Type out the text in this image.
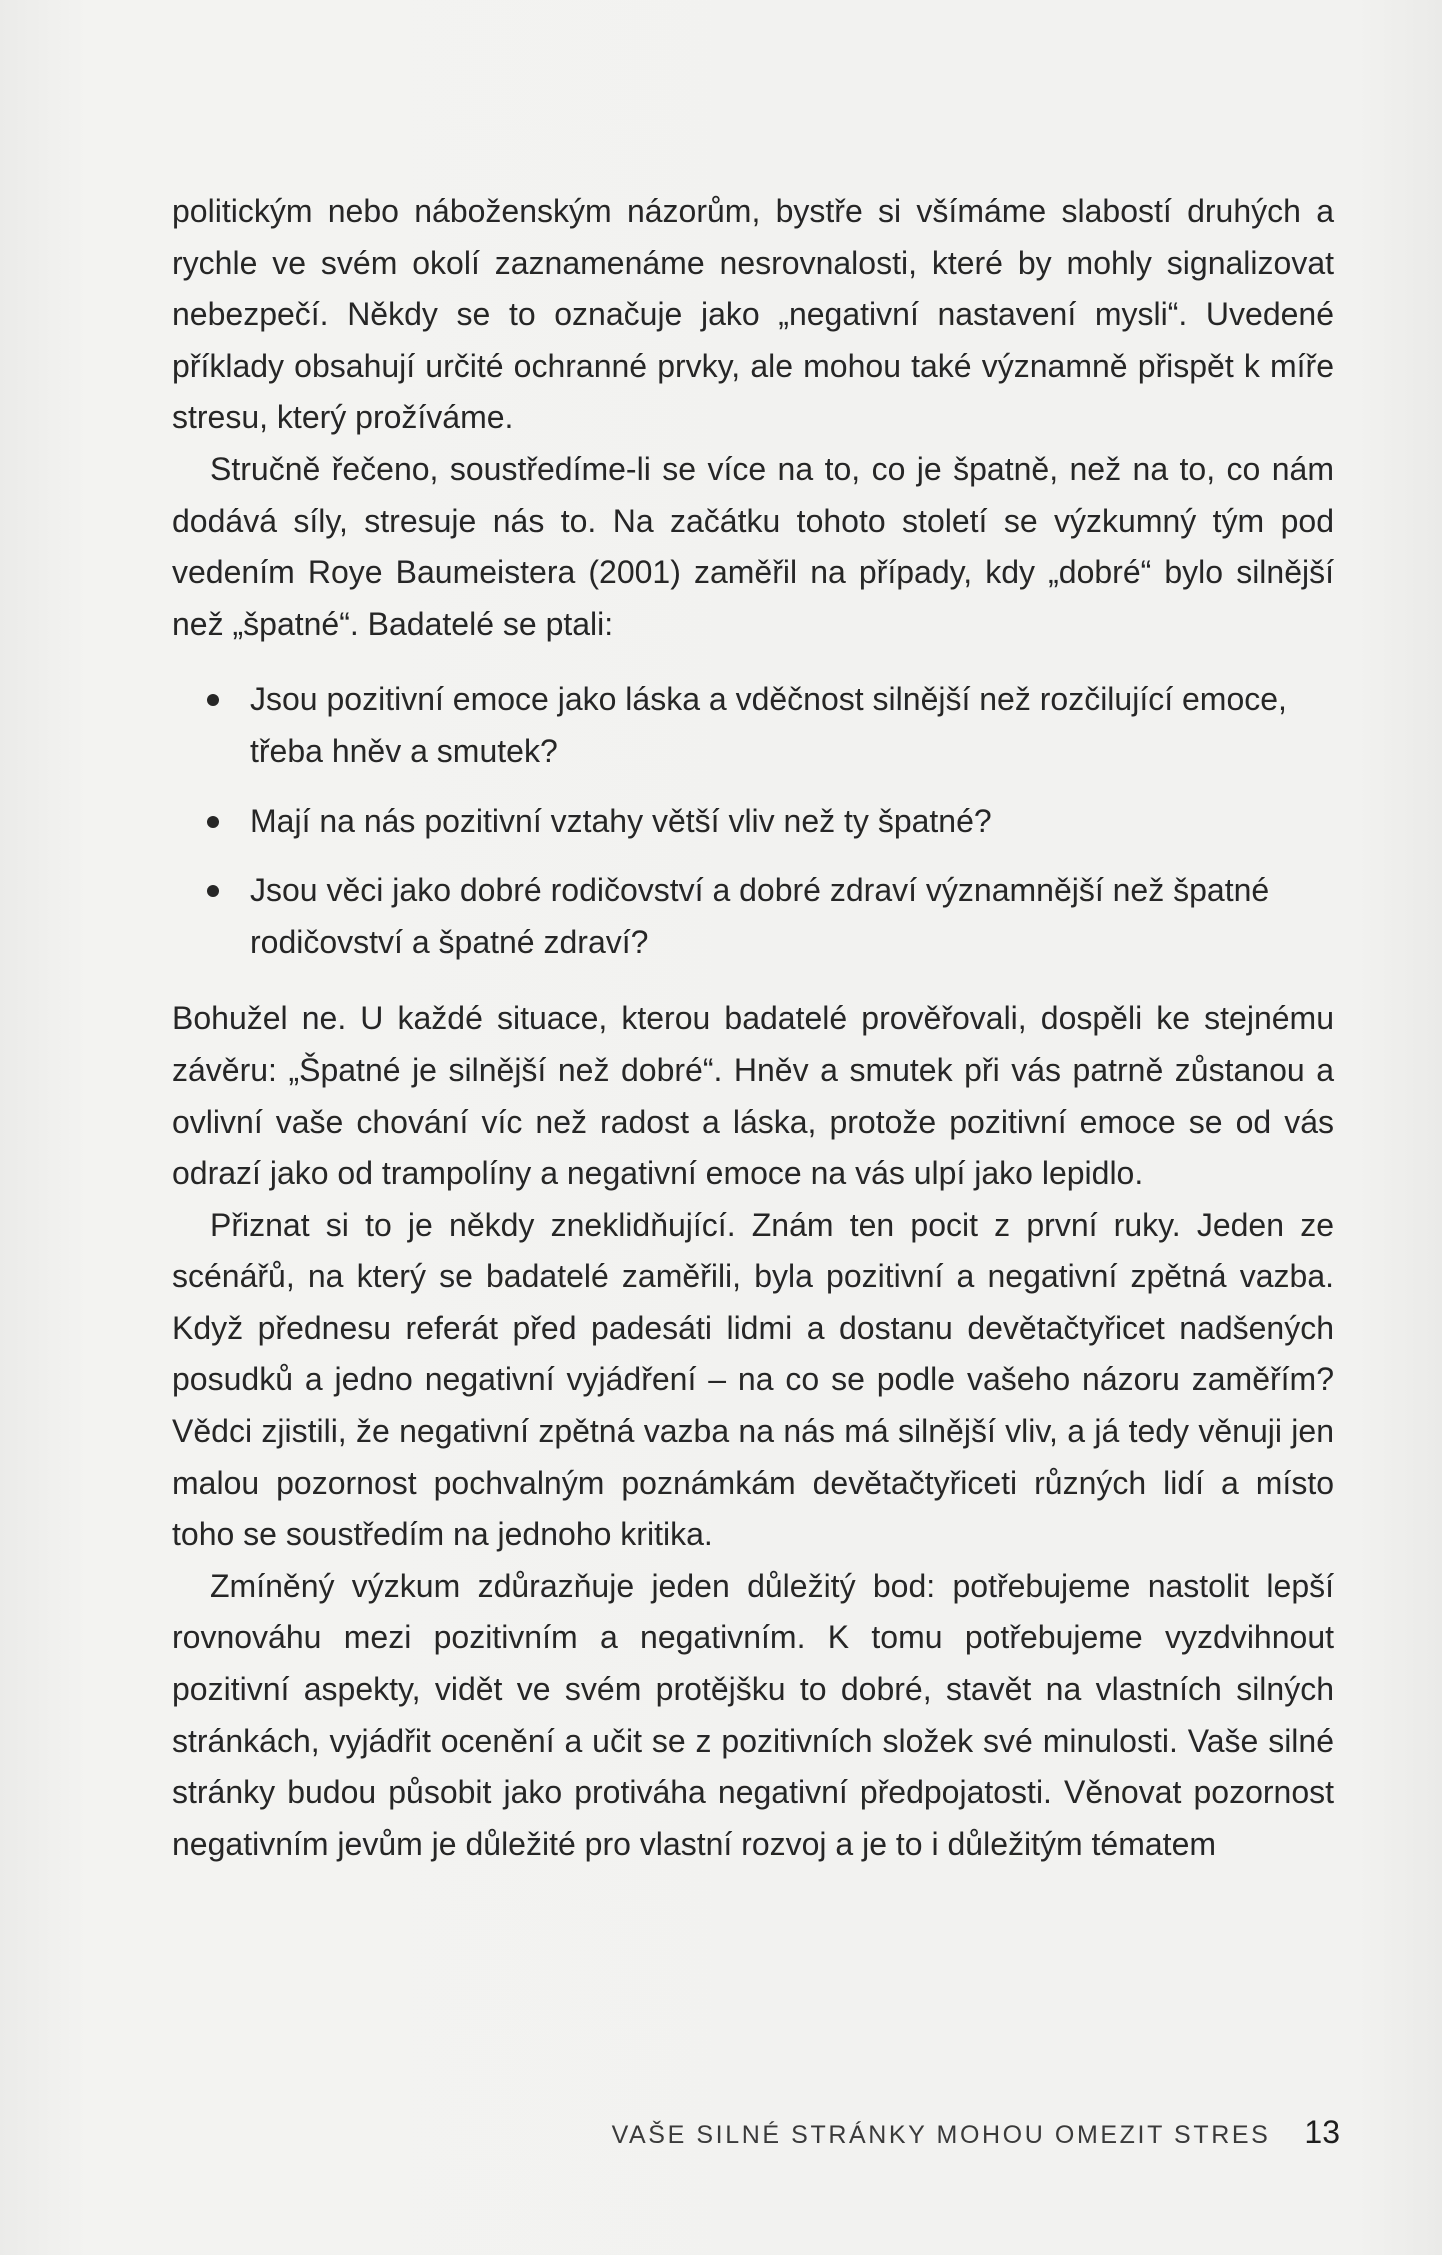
politickým nebo náboženským názorům, bystře si všímáme slabostí druhých a rychle ve svém okolí zaznamenáme nesrovnalosti, které by mohly signalizovat nebezpečí. Někdy se to označuje jako „negativní nastavení mysli“. Uvedené příklady obsahují určité ochranné prvky, ale mohou také významně přispět k míře stresu, který prožíváme.

Stručně řečeno, soustředíme-li se více na to, co je špatně, než na to, co nám dodává síly, stresuje nás to. Na začátku tohoto století se výzkumný tým pod vedením Roye Baumeistera (2001) zaměřil na případy, kdy „dobré“ bylo silnější než „špatné“. Badatelé se ptali:

Jsou pozitivní emoce jako láska a vděčnost silnější než rozčilující emoce, třeba hněv a smutek?
Mají na nás pozitivní vztahy větší vliv než ty špatné?
Jsou věci jako dobré rodičovství a dobré zdraví významnější než špatné rodičovství a špatné zdraví?

Bohužel ne. U každé situace, kterou badatelé prověřovali, dospěli ke stejnému závěru: „Špatné je silnější než dobré“. Hněv a smutek při vás patrně zůstanou a ovlivní vaše chování víc než radost a láska, protože pozitivní emoce se od vás odrazí jako od trampolíny a negativní emoce na vás ulpí jako lepidlo.

Přiznat si to je někdy zneklidňující. Znám ten pocit z první ruky. Jeden ze scénářů, na který se badatelé zaměřili, byla pozitivní a negativní zpětná vazba. Když přednesu referát před padesáti lidmi a dostanu devětačtyřicet nadšených posudků a jedno negativní vyjádření – na co se podle vašeho názoru zaměřím? Vědci zjistili, že negativní zpětná vazba na nás má silnější vliv, a já tedy věnuji jen malou pozornost pochvalným poznámkám devětačtyřiceti různých lidí a místo toho se soustředím na jednoho kritika.

Zmíněný výzkum zdůrazňuje jeden důležitý bod: potřebujeme nastolit lepší rovnováhu mezi pozitivním a negativním. K tomu potřebujeme vyzdvihnout pozitivní aspekty, vidět ve svém protějšku to dobré, stavět na vlastních silných stránkách, vyjádřit ocenění a učit se z pozitivních složek své minulosti. Vaše silné stránky budou působit jako protiváha negativní předpojatosti. Věnovat pozornost negativním jevům je důležité pro vlastní rozvoj a je to i důležitým tématem

VAŠE SILNÉ STRÁNKY MOHOU OMEZIT STRES 13
